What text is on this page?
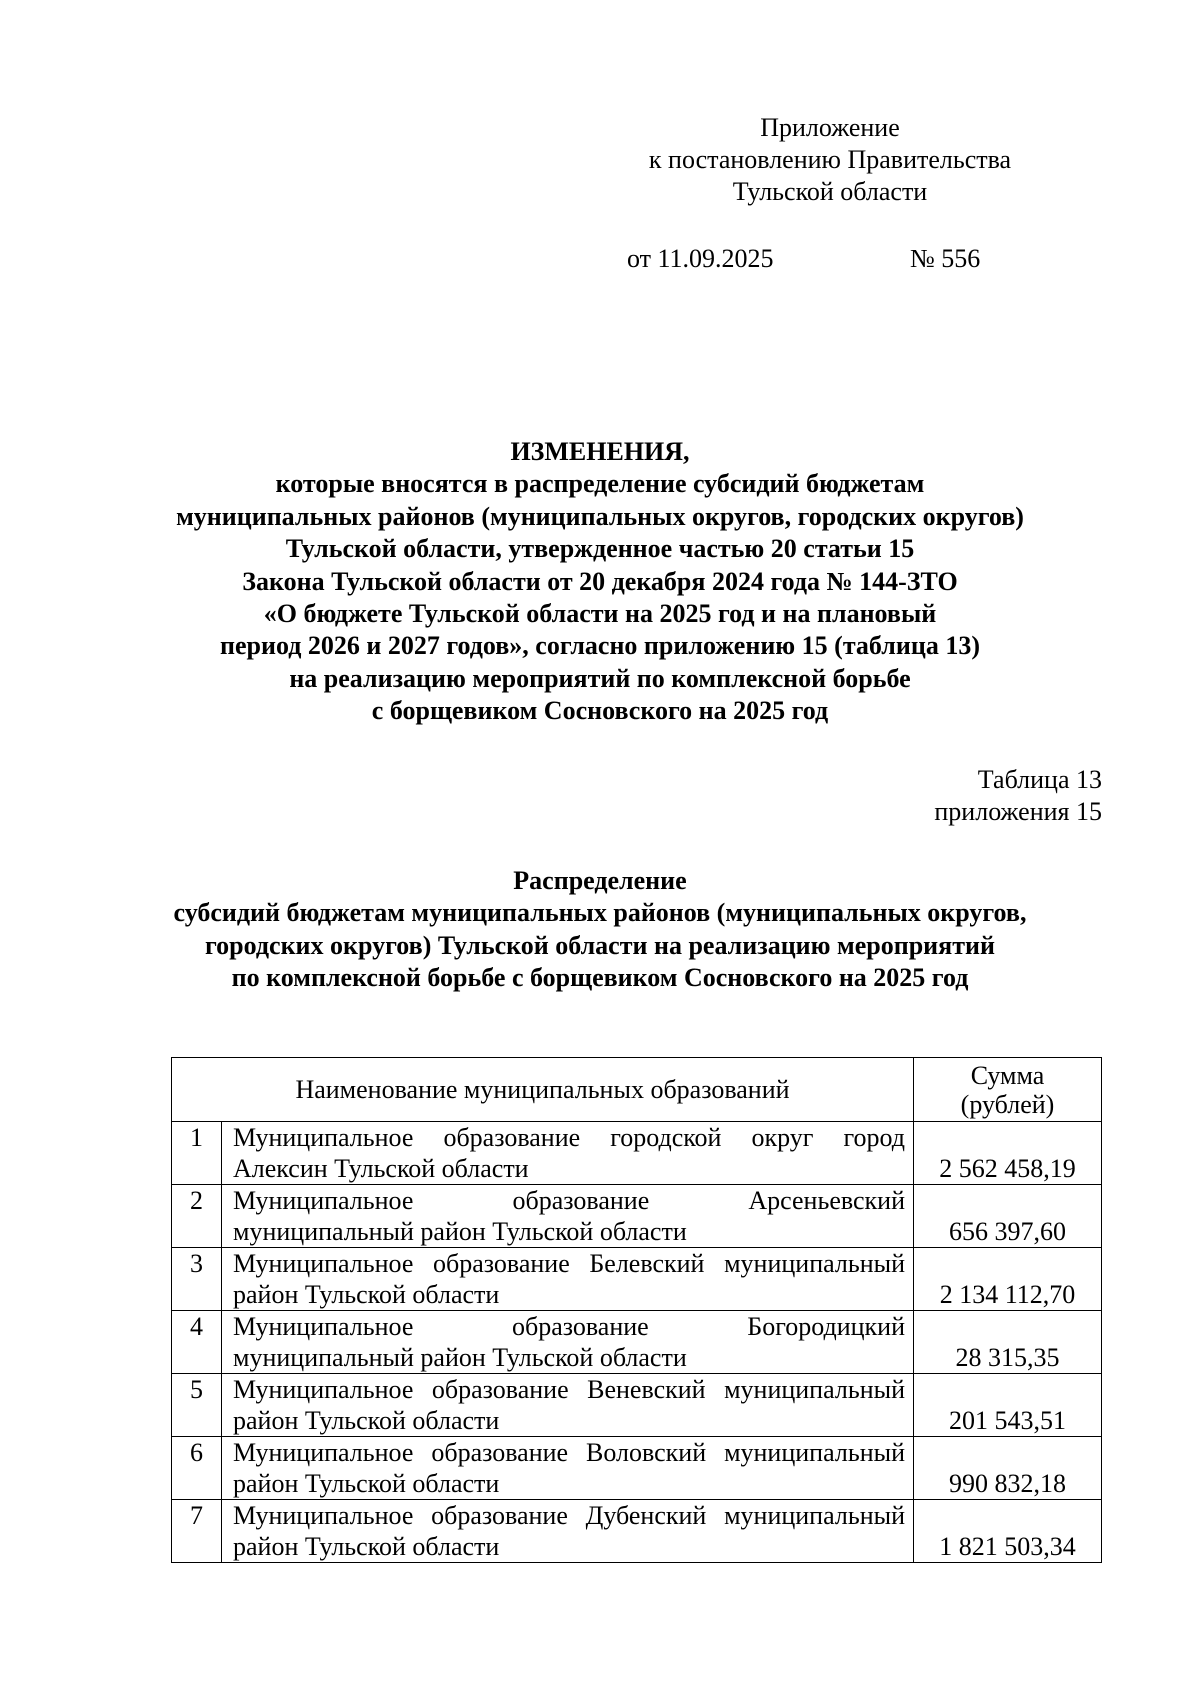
Приложение
к постановлению Правительства
Тульской области
от 11.09.2025	№ 556
ИЗМЕНЕНИЯ,
которые вносятся в распределение субсидий бюджетам
муниципальных районов (муниципальных округов, городских округов)
Тульской области, утвержденное частью 20 статьи 15
Закона Тульской области от 20 декабря 2024 года № 144-ЗТО
«О бюджете Тульской области на 2025 год и на плановый
период 2026 и 2027 годов», согласно приложению 15 (таблица 13)
на реализацию мероприятий по комплексной борьбе
с борщевиком Сосновского на 2025 год
Таблица 13
приложения 15
Распределение
субсидий бюджетам муниципальных районов (муниципальных округов,
городских округов) Тульской области на реализацию мероприятий
по комплексной борьбе с борщевиком Сосновского на 2025 год
Наименование муниципальных образований		Сумма
(рублей)
1	Муниципальное образование городской округ город Алексин Тульской области	2 562 458,19
2	Муниципальное образование Арсеньевский муниципальный район Тульской области	656 397,60
3	Муниципальное образование Белевский муниципальный район Тульской области	2 134 112,70
4	Муниципальное образование Богородицкий муниципальный район Тульской области	28 315,35
5	Муниципальное образование Веневский муниципальный район Тульской области	201 543,51
6	Муниципальное образование Воловский муниципальный район Тульской области	990 832,18
7	Муниципальное образование Дубенский муниципальный район Тульской области	1 821 503,34
